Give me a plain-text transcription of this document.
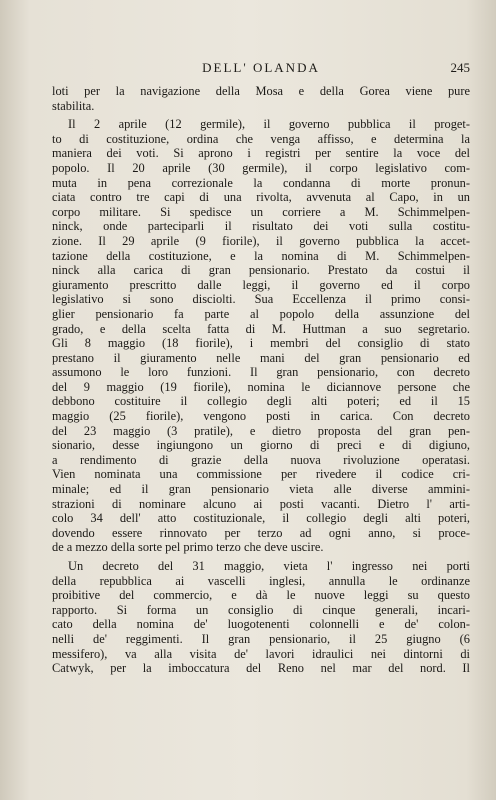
DELL' OLANDA	245
loti per la navigazione della Mosa e della Gorea viene pure
stabilita.
Il 2 aprile (12 germile), il governo pubblica il proget-
to di costituzione, ordina che venga affisso, e determina la
maniera dei voti. Si aprono i registri per sentire la voce del
popolo. Il 20 aprile (30 germile), il corpo legislativo com-
muta in pena correzionale la condanna di morte pronun-
ciata contro tre capi di una rivolta, avvenuta al Capo, in un
corpo militare. Si spedisce un corriere a M. Schimmelpen-
ninck, onde parteciparli il risultato dei voti sulla costitu-
zione. Il 29 aprile (9 fiorile), il governo pubblica la accet-
tazione della costituzione, e la nomina di M. Schimmelpen-
ninck alla carica di gran pensionario. Prestato da costui il
giuramento prescritto dalle leggi, il governo ed il corpo
legislativo si sono disciolti. Sua Eccellenza il primo consi-
glier pensionario fa parte al popolo della assunzione del
grado, e della scelta fatta di M. Huttman a suo segretario.
Gli 8 maggio (18 fiorile), i membri del consiglio di stato
prestano il giuramento nelle mani del gran pensionario ed
assumono le loro funzioni. Il gran pensionario, con decreto
del 9 maggio (19 fiorile), nomina le diciannove persone che
debbono costituire il collegio degli alti poteri; ed il 15
maggio (25 fiorile), vengono posti in carica. Con decreto
del 23 maggio (3 pratile), e dietro proposta del gran pen-
sionario, desse ingiungono un giorno di preci e di digiuno,
a rendimento di grazie della nuova rivoluzione operatasi.
Vien nominata una commissione per rivedere il codice cri-
minale; ed il gran pensionario vieta alle diverse ammini-
strazioni di nominare alcuno ai posti vacanti. Dietro l' arti-
colo 34 dell' atto costituzionale, il collegio degli alti poteri,
dovendo essere rinnovato per terzo ad ogni anno, si proce-
de a mezzo della sorte pel primo terzo che deve uscire.
Un decreto del 31 maggio, vieta l' ingresso nei porti
della repubblica ai vascelli inglesi, annulla le ordinanze
proibitive del commercio, e dà le nuove leggi su questo
rapporto. Si forma un consiglio di cinque generali, incari-
cato della nomina de' luogotenenti colonnelli e de' colon-
nelli de' reggimenti. Il gran pensionario, il 25 giugno (6
messifero), va alla visita de' lavori idraulici nei dintorni di
Catwyk, per la imboccatura del Reno nel mar del nord. Il
